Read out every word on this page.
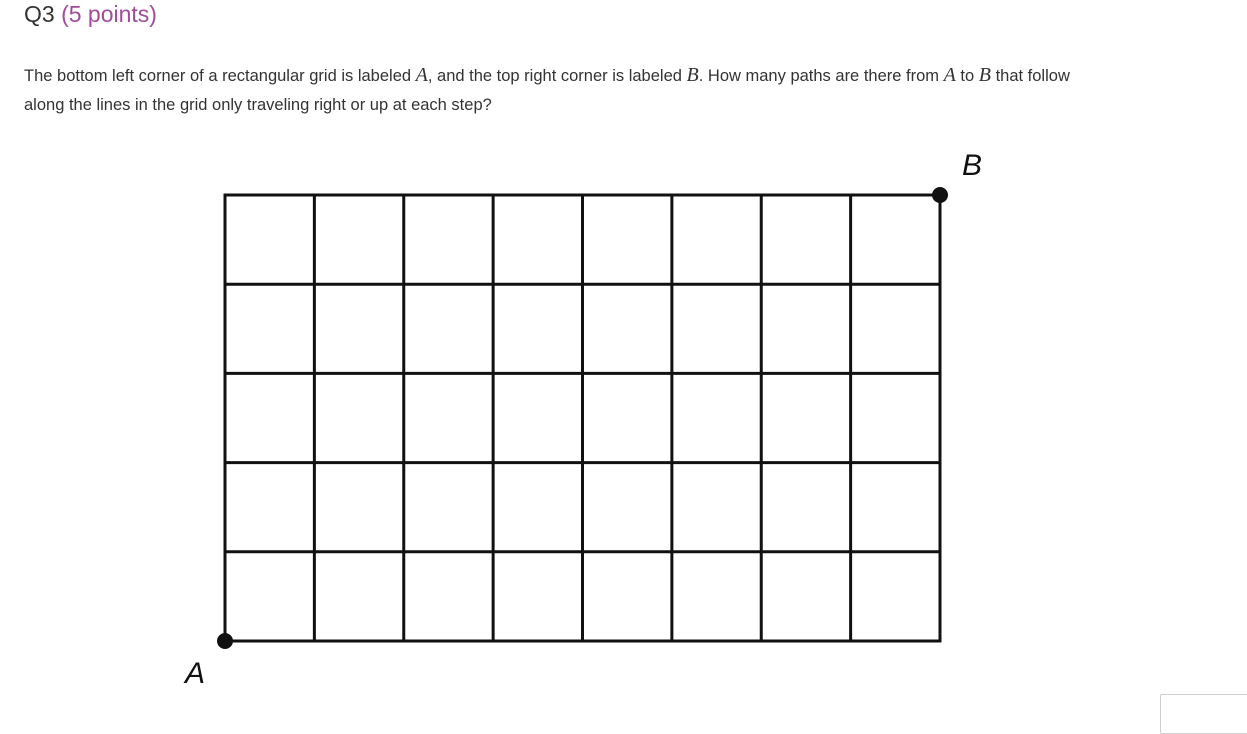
Q3 (5 points)
The bottom left corner of a rectangular grid is labeled A, and the top right corner is labeled B. How many paths are there from A to B that follow along the lines in the grid only traveling right or up at each step?
B
A
